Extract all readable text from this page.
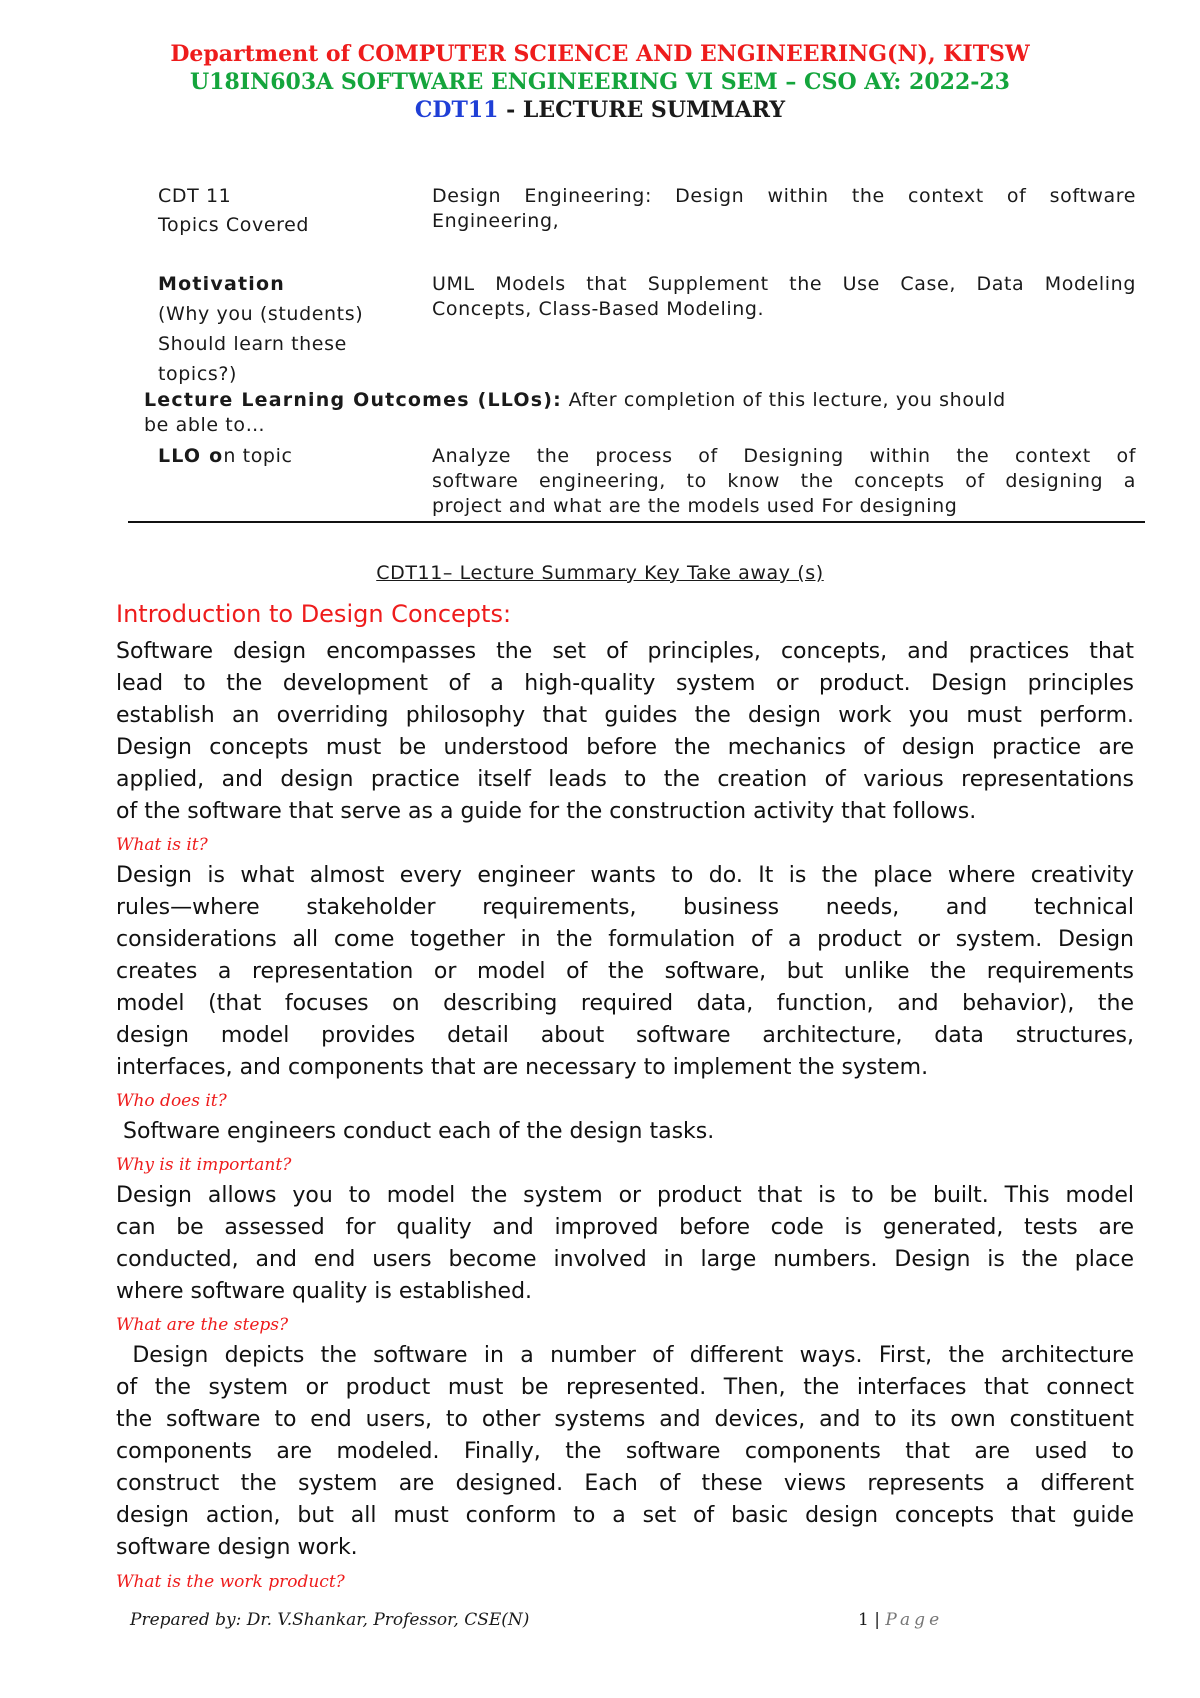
Department of COMPUTER SCIENCE AND ENGINEERING(N), KITSW
U18IN603A SOFTWARE ENGINEERING VI SEM – CSO AY: 2022-23
CDT11 - LECTURE SUMMARY
CDT 11
Topics Covered
Design Engineering: Design within the context of software
Engineering,
Motivation
(Why you (students)
Should learn these
topics?)
UML Models that Supplement the Use Case, Data Modeling
Concepts, Class-Based Modeling.
Lecture Learning Outcomes (LLOs): After completion of this lecture, you should
be able to…
LLO on topic	Analyze the process of Designing within the context of
software engineering, to know the concepts of designing a
project and what are the models used For designing
CDT11– Lecture Summary Key Take away (s)
Introduction to Design Concepts:
Software design encompasses the set of principles, concepts, and practices that
lead to the development of a high-quality system or product. Design principles
establish an overriding philosophy that guides the design work you must perform.
Design concepts must be understood before the mechanics of design practice are
applied, and design practice itself leads to the creation of various representations
of the software that serve as a guide for the construction activity that follows.
What is it?
Design is what almost every engineer wants to do. It is the place where creativity
rules—where stakeholder requirements, business needs, and technical
considerations all come together in the formulation of a product or system. Design
creates a representation or model of the software, but unlike the requirements
model (that focuses on describing required data, function, and behavior), the
design model provides detail about software architecture, data structures,
interfaces, and components that are necessary to implement the system.
Who does it?
Software engineers conduct each of the design tasks.
Why is it important?
Design allows you to model the system or product that is to be built. This model
can be assessed for quality and improved before code is generated, tests are
conducted, and end users become involved in large numbers. Design is the place
where software quality is established.
What are the steps?
Design depicts the software in a number of different ways. First, the architecture
of the system or product must be represented. Then, the interfaces that connect
the software to end users, to other systems and devices, and to its own constituent
components are modeled. Finally, the software components that are used to
construct the system are designed. Each of these views represents a different
design action, but all must conform to a set of basic design concepts that guide
software design work.
What is the work product?
Prepared by: Dr. V.Shankar, Professor, CSE(N)	1 | Page
